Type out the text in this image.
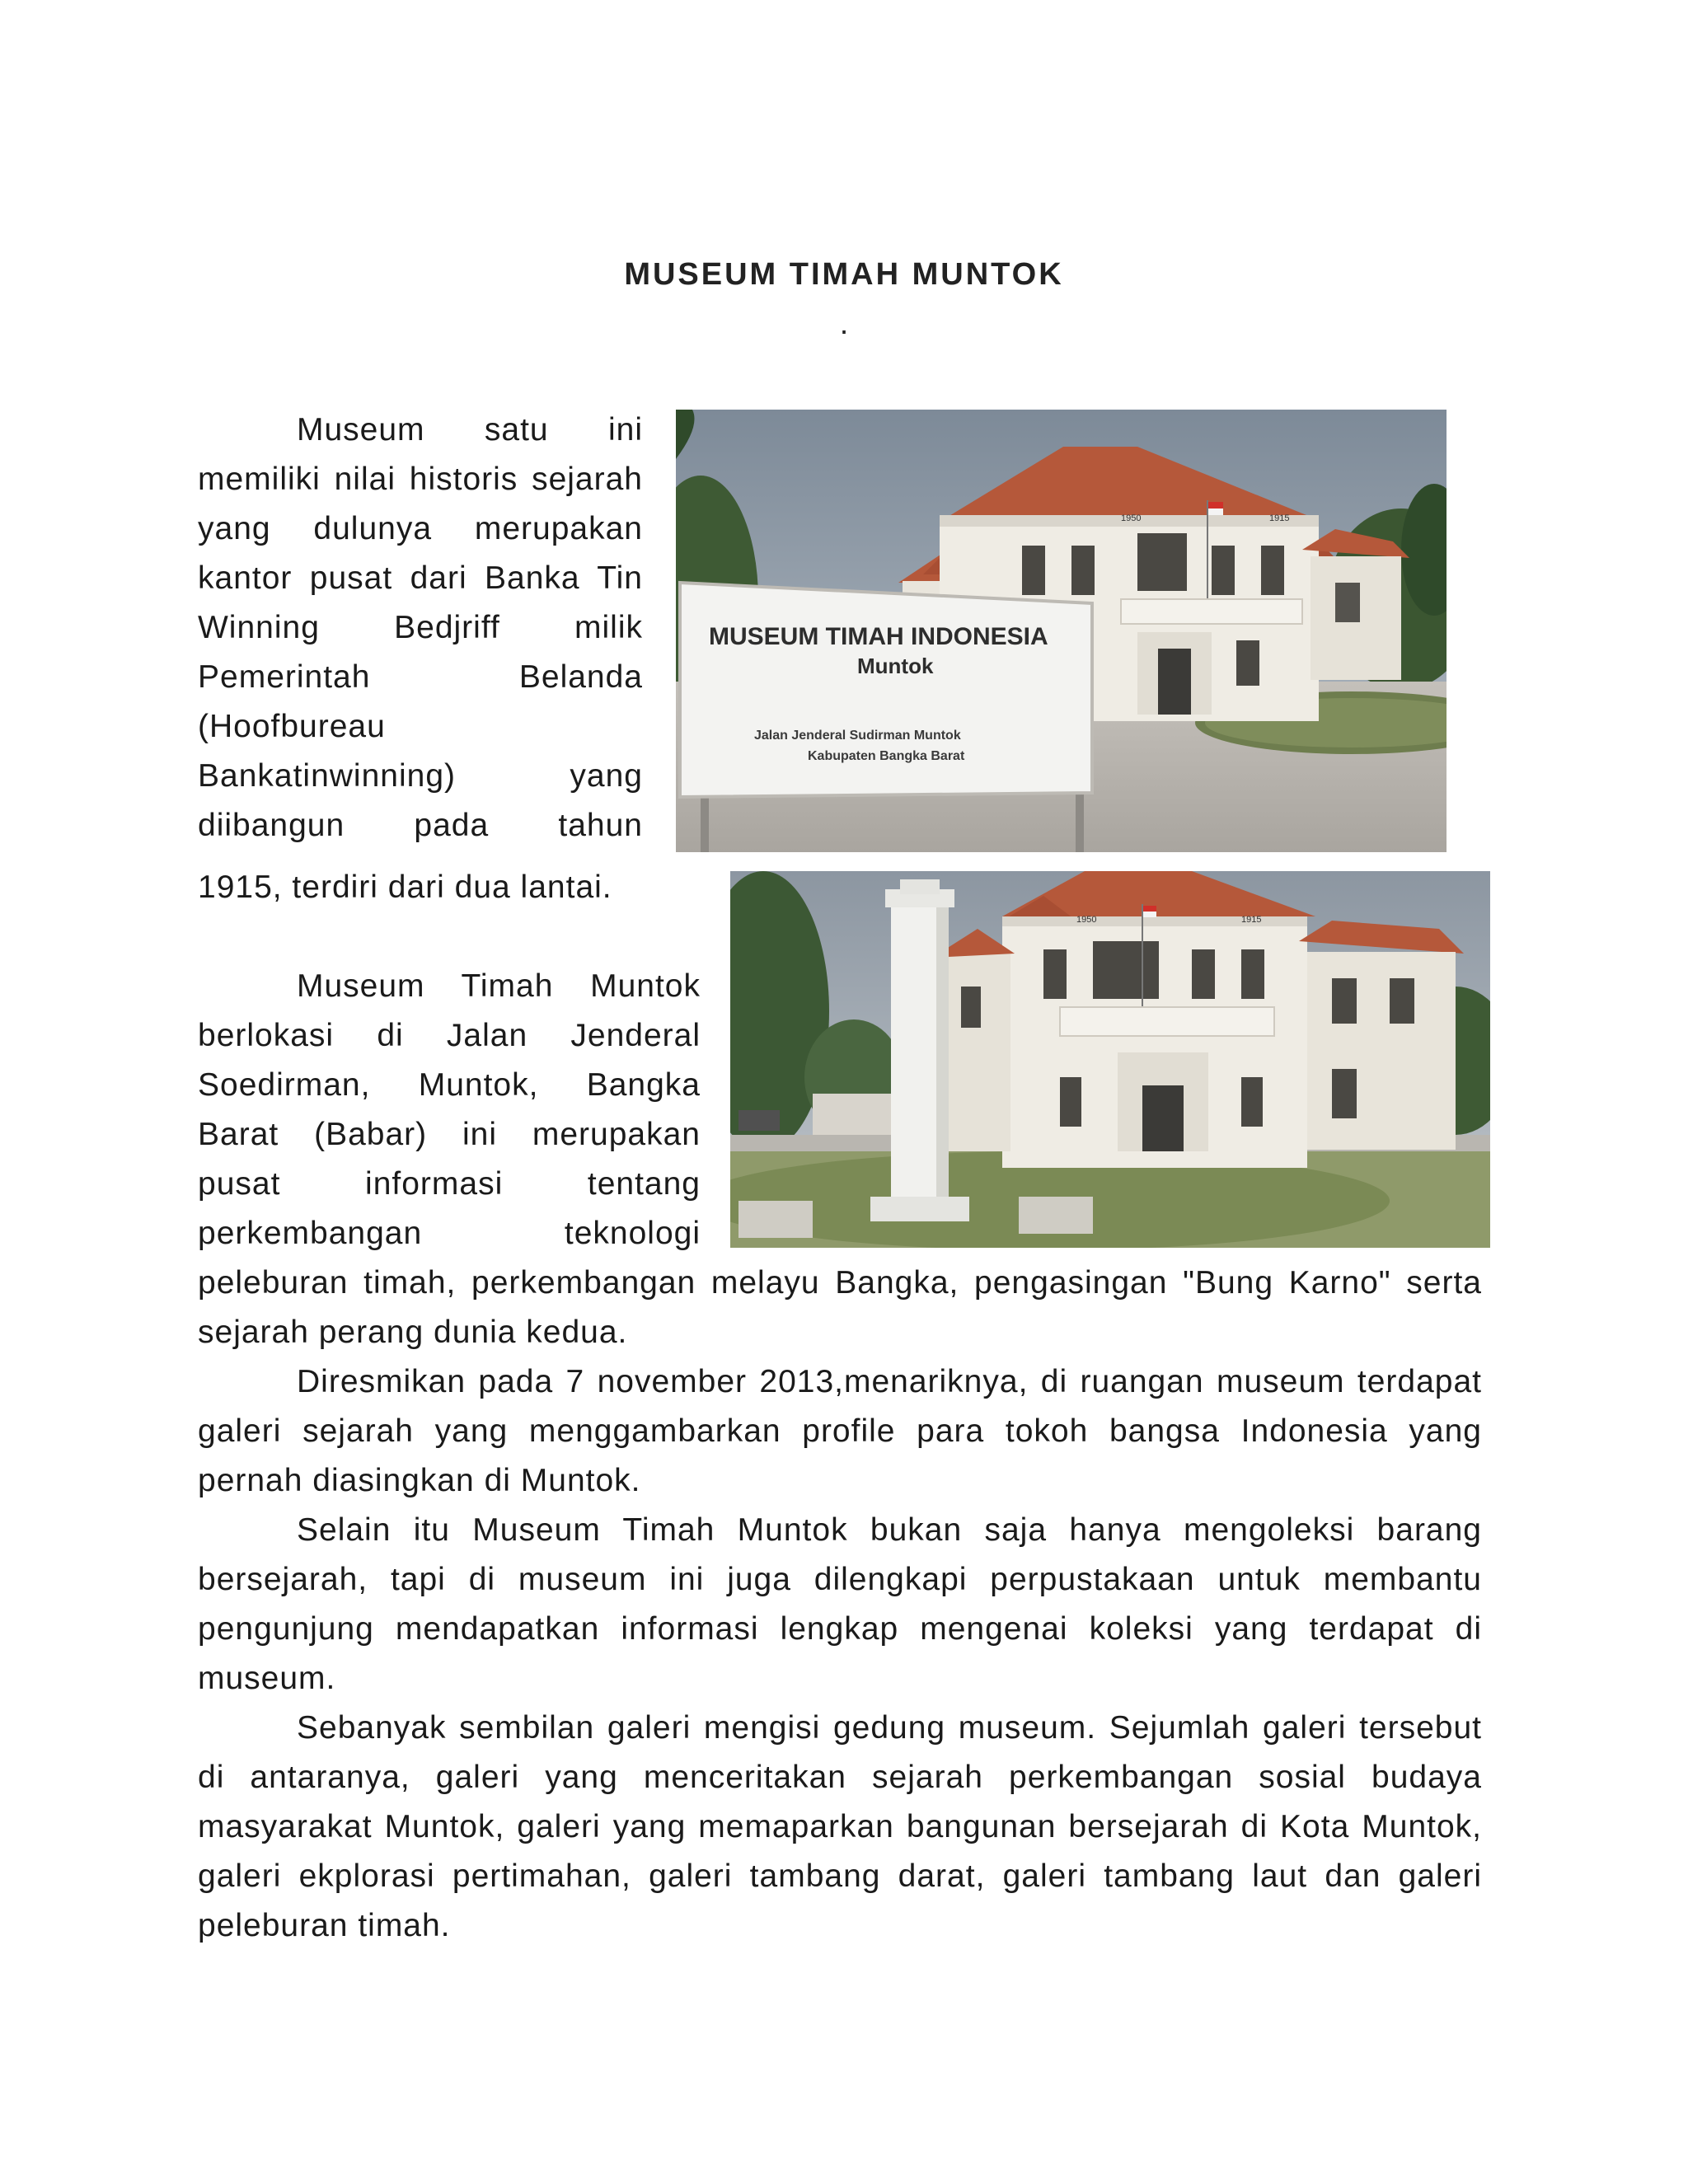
MUSEUM TIMAH MUNTOK
.

Museum satu ini memiliki nilai historis sejarah yang dulunya merupakan kantor pusat dari Banka Tin Winning Bedjriff milik Pemerintah Belanda (Hoofbureau Bankatinwinning) yang diibangun pada tahun

1915, terdiri dari dua lantai.

Museum Timah Muntok berlokasi di Jalan Jenderal Soedirman, Muntok, Bangka Barat (Babar) ini merupakan pusat informasi tentang perkembangan teknologi

peleburan timah, perkembangan melayu Bangka, pengasingan "Bung Karno" serta sejarah perang dunia kedua.

Diresmikan pada 7 november 2013,menariknya, di ruangan museum terdapat galeri sejarah yang menggambarkan profile para tokoh bangsa Indonesia yang pernah diasingkan di Muntok.

Selain itu Museum Timah Muntok bukan saja hanya mengoleksi barang bersejarah, tapi di museum ini juga dilengkapi perpustakaan untuk membantu pengunjung mendapatkan informasi lengkap mengenai koleksi yang terdapat di museum.

Sebanyak sembilan galeri mengisi gedung museum. Sejumlah galeri tersebut di antaranya, galeri yang menceritakan sejarah perkembangan sosial budaya masyarakat Muntok, galeri yang memaparkan bangunan bersejarah di Kota Muntok, galeri ekplorasi pertimahan, galeri tambang darat, galeri tambang laut dan galeri peleburan timah.

1950	1915
MUSEUM TIMAH INDONESIA
Muntok
Jalan Jenderal Sudirman Muntok
Kabupaten Bangka Barat
1950	1915
